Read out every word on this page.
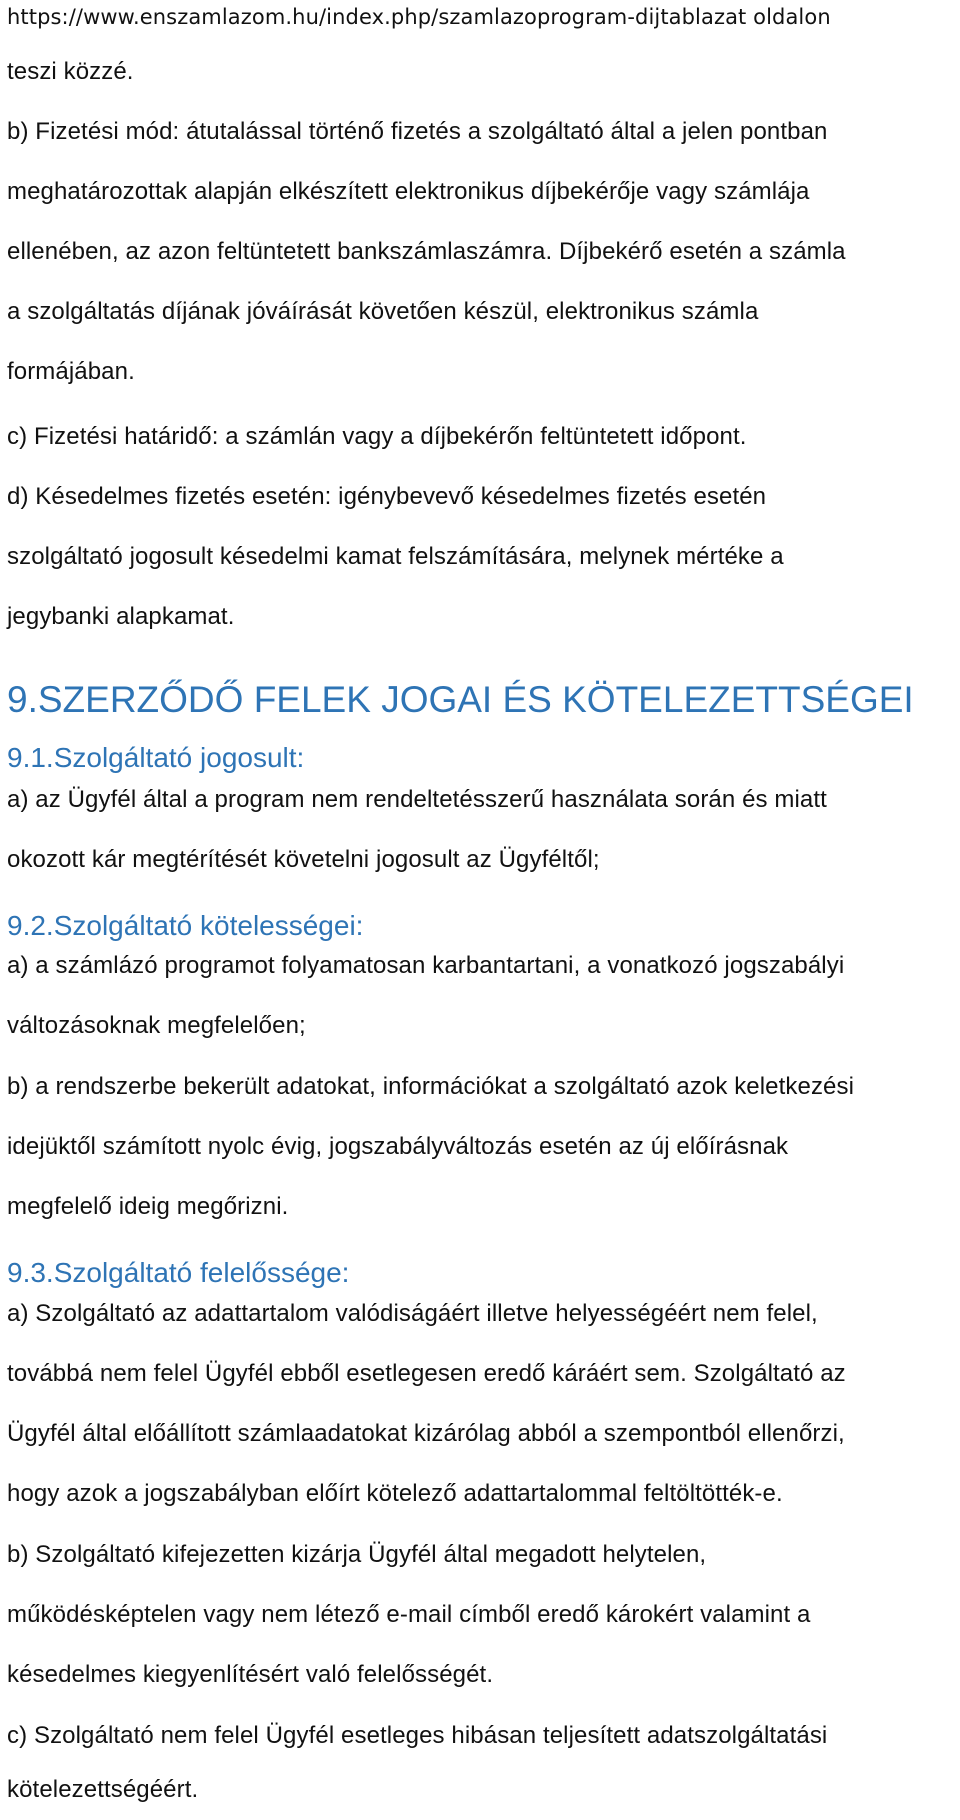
https://www.enszamlazom.hu/index.php/szamlazoprogram-dijtablazat oldalon
teszi közzé.
b) Fizetési mód: átutalással történő fizetés a szolgáltató által a jelen pontban
meghatározottak alapján elkészített elektronikus díjbekérője vagy számlája
ellenében, az azon feltüntetett bankszámlaszámra. Díjbekérő esetén a számla
a szolgáltatás díjának jóváírását követően készül, elektronikus számla
formájában.
c) Fizetési határidő: a számlán vagy a díjbekérőn feltüntetett időpont.
d) Késedelmes fizetés esetén: igénybevevő késedelmes fizetés esetén
szolgáltató jogosult késedelmi kamat felszámítására, melynek mértéke a
jegybanki alapkamat.
9.SZERZŐDŐ FELEK JOGAI ÉS KÖTELEZETTSÉGEI
9.1.Szolgáltató jogosult:
a) az Ügyfél által a program nem rendeltetésszerű használata során és miatt
okozott kár megtérítését követelni jogosult az Ügyféltől;
9.2.Szolgáltató kötelességei:
a) a számlázó programot folyamatosan karbantartani, a vonatkozó jogszabályi
változásoknak megfelelően;
b) a rendszerbe bekerült adatokat, információkat a szolgáltató azok keletkezési
idejüktől számított nyolc évig, jogszabályváltozás esetén az új előírásnak
megfelelő ideig megőrizni.
9.3.Szolgáltató felelőssége:
a) Szolgáltató az adattartalom valódiságáért illetve helyességéért nem felel,
továbbá nem felel Ügyfél ebből esetlegesen eredő káráért sem. Szolgáltató az
Ügyfél által előállított számlaadatokat kizárólag abból a szempontból ellenőrzi,
hogy azok a jogszabályban előírt kötelező adattartalommal feltöltötték-e.
b) Szolgáltató kifejezetten kizárja Ügyfél által megadott helytelen,
működésképtelen vagy nem létező e-mail címből eredő károkért valamint a
késedelmes kiegyenlítésért való felelősségét.
c) Szolgáltató nem felel Ügyfél esetleges hibásan teljesített adatszolgáltatási
kötelezettségéért.
